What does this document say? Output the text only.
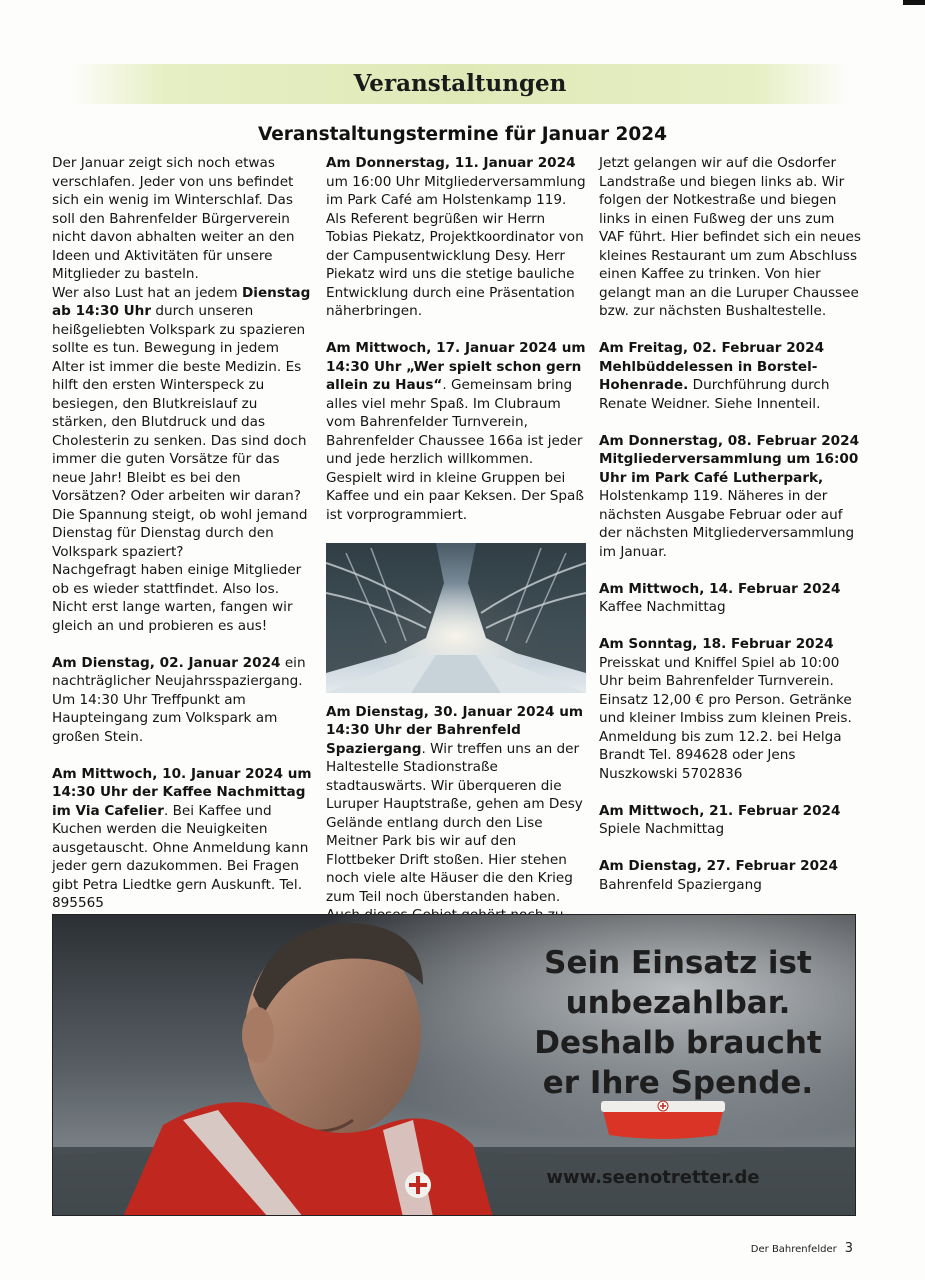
Veranstaltungen
Veranstaltungstermine für Januar 2024

Der Januar zeigt sich noch etwas verschlafen. Jeder von uns befindet sich ein wenig im Winterschlaf. Das soll den Bahrenfelder Bürgerverein nicht davon abhalten weiter an den Ideen und Aktivitäten für unsere Mitglieder zu basteln.

Wer also Lust hat an jedem Dienstag ab 14:30 Uhr durch unseren heißgeliebten Volkspark zu spazieren sollte es tun. Bewegung in jedem Alter ist immer die beste Medizin. Es hilft den ersten Winterspeck zu besiegen, den Blutkreislauf zu stärken, den Blutdruck und das Cholesterin zu senken. Das sind doch immer die guten Vorsätze für das neue Jahr! Bleibt es bei den Vorsätzen? Oder arbeiten wir daran?

Die Spannung steigt, ob wohl jemand Dienstag für Dienstag durch den Volkspark spaziert?

Nachgefragt haben einige Mitglieder ob es wieder stattfindet. Also los. Nicht erst lange warten, fangen wir gleich an und probieren es aus!

Am Dienstag, 02. Januar 2024 ein nachträglicher Neujahrsspaziergang. Um 14:30 Uhr Treffpunkt am Haupteingang zum Volkspark am großen Stein.

Am Mittwoch, 10. Januar 2024 um 14:30 Uhr der Kaffee Nachmittag im Via Cafelier. Bei Kaffee und Kuchen werden die Neuigkeiten ausgetauscht. Ohne Anmeldung kann jeder gern dazukommen. Bei Fragen gibt Petra Liedtke gern Auskunft. Tel. 895565

Am Donnerstag, 11. Januar 2024 um 16:00 Uhr Mitgliederversammlung im Park Café am Holstenkamp 119. Als Referent begrüßen wir Herrn Tobias Piekatz, Projektkoordinator von der Campusentwicklung Desy. Herr Piekatz wird uns die stetige bauliche Entwicklung durch eine Präsentation näherbringen.

Am Mittwoch, 17. Januar 2024 um 14:30 Uhr „Wer spielt schon gern allein zu Haus“. Gemeinsam bring alles viel mehr Spaß. Im Clubraum vom Bahrenfelder Turnverein, Bahrenfelder Chaussee 166a ist jeder und jede herzlich willkommen. Gespielt wird in kleine Gruppen bei Kaffee und ein paar Keksen. Der Spaß ist vorprogrammiert.

Am Dienstag, 30. Januar 2024 um 14:30 Uhr der Bahrenfeld Spaziergang. Wir treffen uns an der Haltestelle Stadionstraße stadtauswärts. Wir überqueren die Luruper Hauptstraße, gehen am Desy Gelände entlang durch den Lise Meitner Park bis wir auf den Flottbeker Drift stoßen. Hier stehen noch viele alte Häuser die den Krieg zum Teil noch überstanden haben.

Jetzt gelangen wir auf die Osdorfer Landstraße und biegen links ab. Wir folgen der Notkestraße und biegen links in einen Fußweg der uns zum VAF führt. Hier befindet sich ein neues kleines Restaurant um zum Abschluss einen Kaffee zu trinken. Von hier gelangt man an die Luruper Chaussee bzw. zur nächsten Bushaltestelle.

Am Freitag, 02. Februar 2024 Mehlbüddelessen in Borstel-Hohenrade. Durchführung durch Renate Weidner. Siehe Innenteil.

Am Donnerstag, 08. Februar 2024 Mitgliederversammlung um 16:00 Uhr im Park Café Lutherpark, Holstenkamp 119. Näheres in der nächsten Ausgabe Februar oder auf der nächsten Mitgliederversammlung im Januar.

Am Mittwoch, 14. Februar 2024 Kaffee Nachmittag

Am Sonntag, 18. Februar 2024 Preisskat und Kniffel Spiel ab 10:00 Uhr beim Bahrenfelder Turnverein. Einsatz 12,00 € pro Person. Getränke und kleiner Imbiss zum kleinen Preis. Anmeldung bis zum 12.2. bei Helga Brandt Tel. 894628 oder Jens Nuszkowski 5702836

Am Mittwoch, 21. Februar 2024 Spiele Nachmittag

Am Dienstag, 27. Februar 2024 Bahrenfeld Spaziergang

Sein Einsatz ist
unbezahlbar.
Deshalb braucht
er Ihre Spende.
www.seenotretter.de
Der Bahrenfelder 3
